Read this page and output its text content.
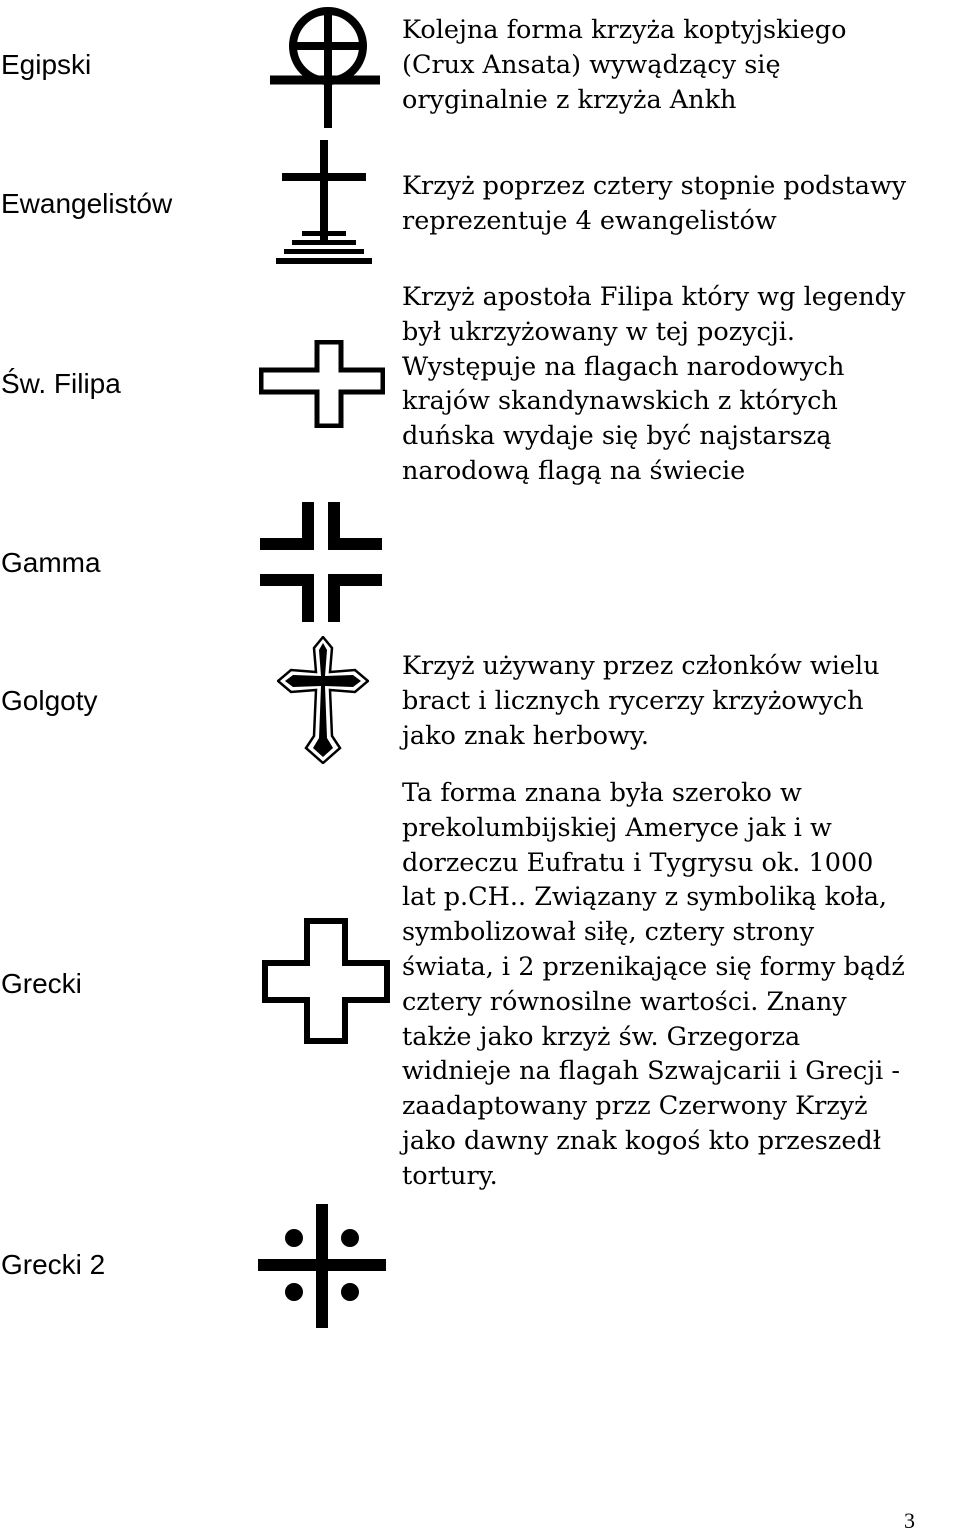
Egipski

Kolejna forma krzyża koptyjskiego
(Crux Ansata) wywądzący się
oryginalnie z krzyża Ankh

Ewangelistów

Krzyż poprzez cztery stopnie podstawy
reprezentuje 4 ewangelistów

Św. Filipa

Krzyż apostoła Filipa który wg legendy
był ukrzyżowany w tej pozycji.
Występuje na flagach narodowych
krajów skandynawskich z których
duńska wydaje się być najstarszą
narodową flagą na świecie

Gamma

Golgoty

Krzyż używany przez członków wielu
bract i licznych rycerzy krzyżowych
jako znak herbowy.

Grecki

Ta forma znana była szeroko w
prekolumbijskiej Ameryce jak i w
dorzeczu Eufratu i Tygrysu ok. 1000
lat p.CH.. Związany z symboliką koła,
symbolizował siłę, cztery strony
świata, i 2 przenikające się formy bądź
cztery równosilne wartości. Znany
także jako krzyż św. Grzegorza
widnieje na flagah Szwajcarii i Grecji -
zaadaptowany przz Czerwony Krzyż
jako dawny znak kogoś kto przeszedł
tortury.

Grecki 2

3
